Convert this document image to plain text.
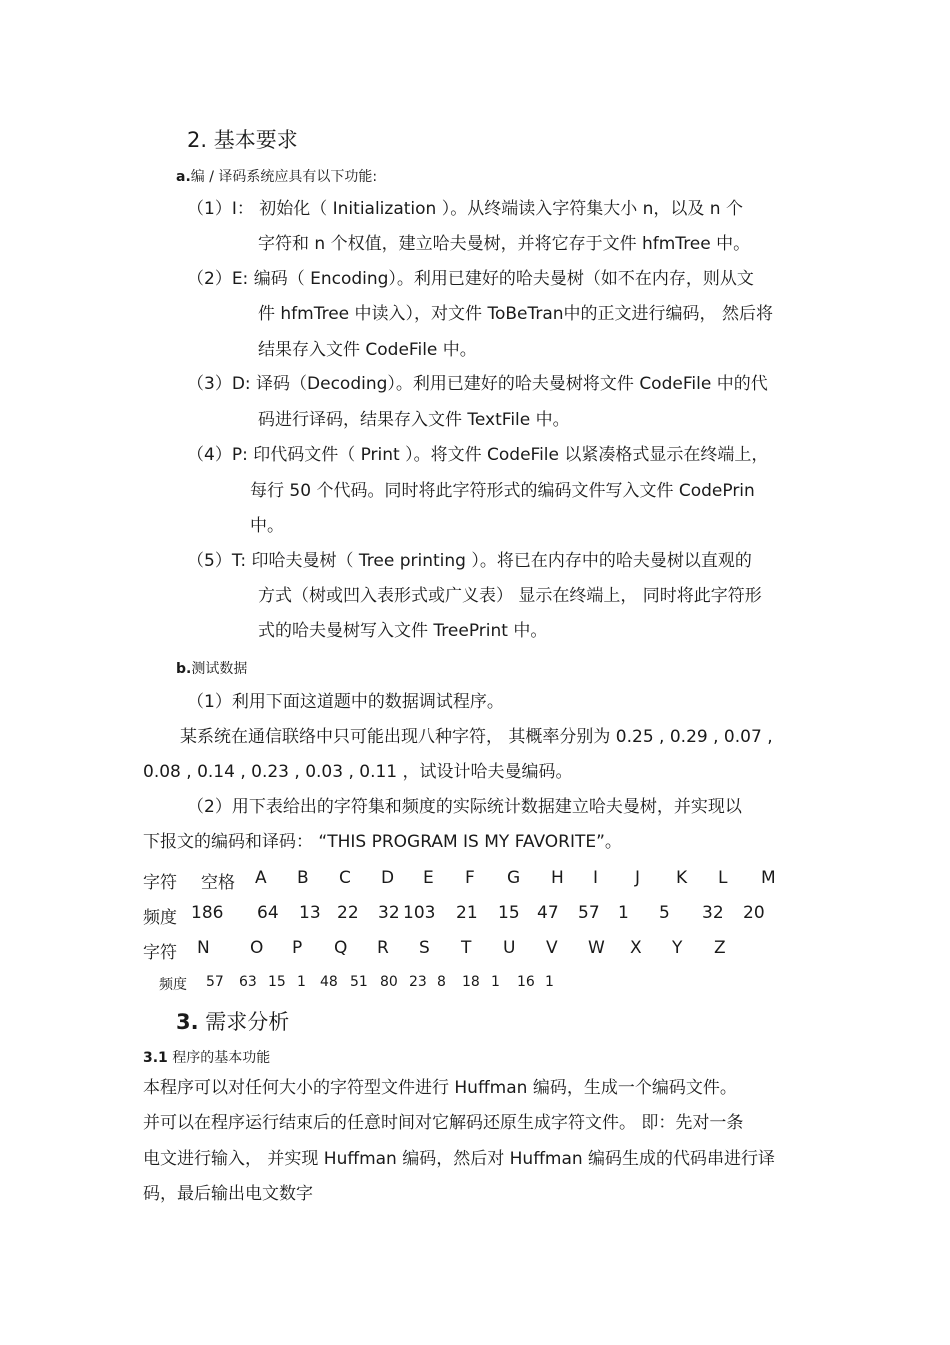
2. 基本要求
a.编 / 译码系统应具有以下功能:
（1）I： 初始化（ Initialization ）。从终端读入字符集大小 n，以及 n 个
字符和 n 个权值，建立哈夫曼树，并将它存于文件 hfmTree 中。
（2）E: 编码（ Encoding）。利用已建好的哈夫曼树（如不在内存，则从文
件 hfmTree 中读入），对文件 ToBeTran中的正文进行编码， 然后将
结果存入文件 CodeFile 中。
（3）D: 译码（Decoding）。利用已建好的哈夫曼树将文件 CodeFile 中的代
码进行译码，结果存入文件 TextFile 中。
（4）P: 印代码文件（ Print ）。将文件 CodeFile 以紧凑格式显示在终端上，
每行 50 个代码。同时将此字符形式的编码文件写入文件 CodePrin
中。
（5）T: 印哈夫曼树（ Tree printing ）。将已在内存中的哈夫曼树以直观的
方式（树或凹入表形式或广义表） 显示在终端上， 同时将此字符形
式的哈夫曼树写入文件 TreePrint 中。
b.测试数据
（1）利用下面这道题中的数据调试程序。
某系统在通信联络中只可能出现八种字符， 其概率分别为 0.25 , 0.29 , 0.07 ,
0.08 , 0.14 , 0.23 , 0.03 , 0.11 ，试设计哈夫曼编码。
（2）用下表给出的字符集和频度的实际统计数据建立哈夫曼树，并实现以
下报文的编码和译码： “THIS PROGRAM IS MY FAVORITE”。
字符 空格 A B C D E F G H I J K L M
频度 186 64 13 22 32 103 21 15 47 57 1 5 32 20
字符 N O P Q R S T U V W X Y Z
频度 57 63 15 1 48 51 80 23 8 18 1 16 1
3. 需求分析
3.1 程序的基本功能
本程序可以对任何大小的字符型文件进行 Huffman 编码，生成一个编码文件。
并可以在程序运行结束后的任意时间对它解码还原生成字符文件。 即：先对一条
电文进行输入， 并实现 Huffman 编码，然后对 Huffman 编码生成的代码串进行译
码，最后输出电文数字
